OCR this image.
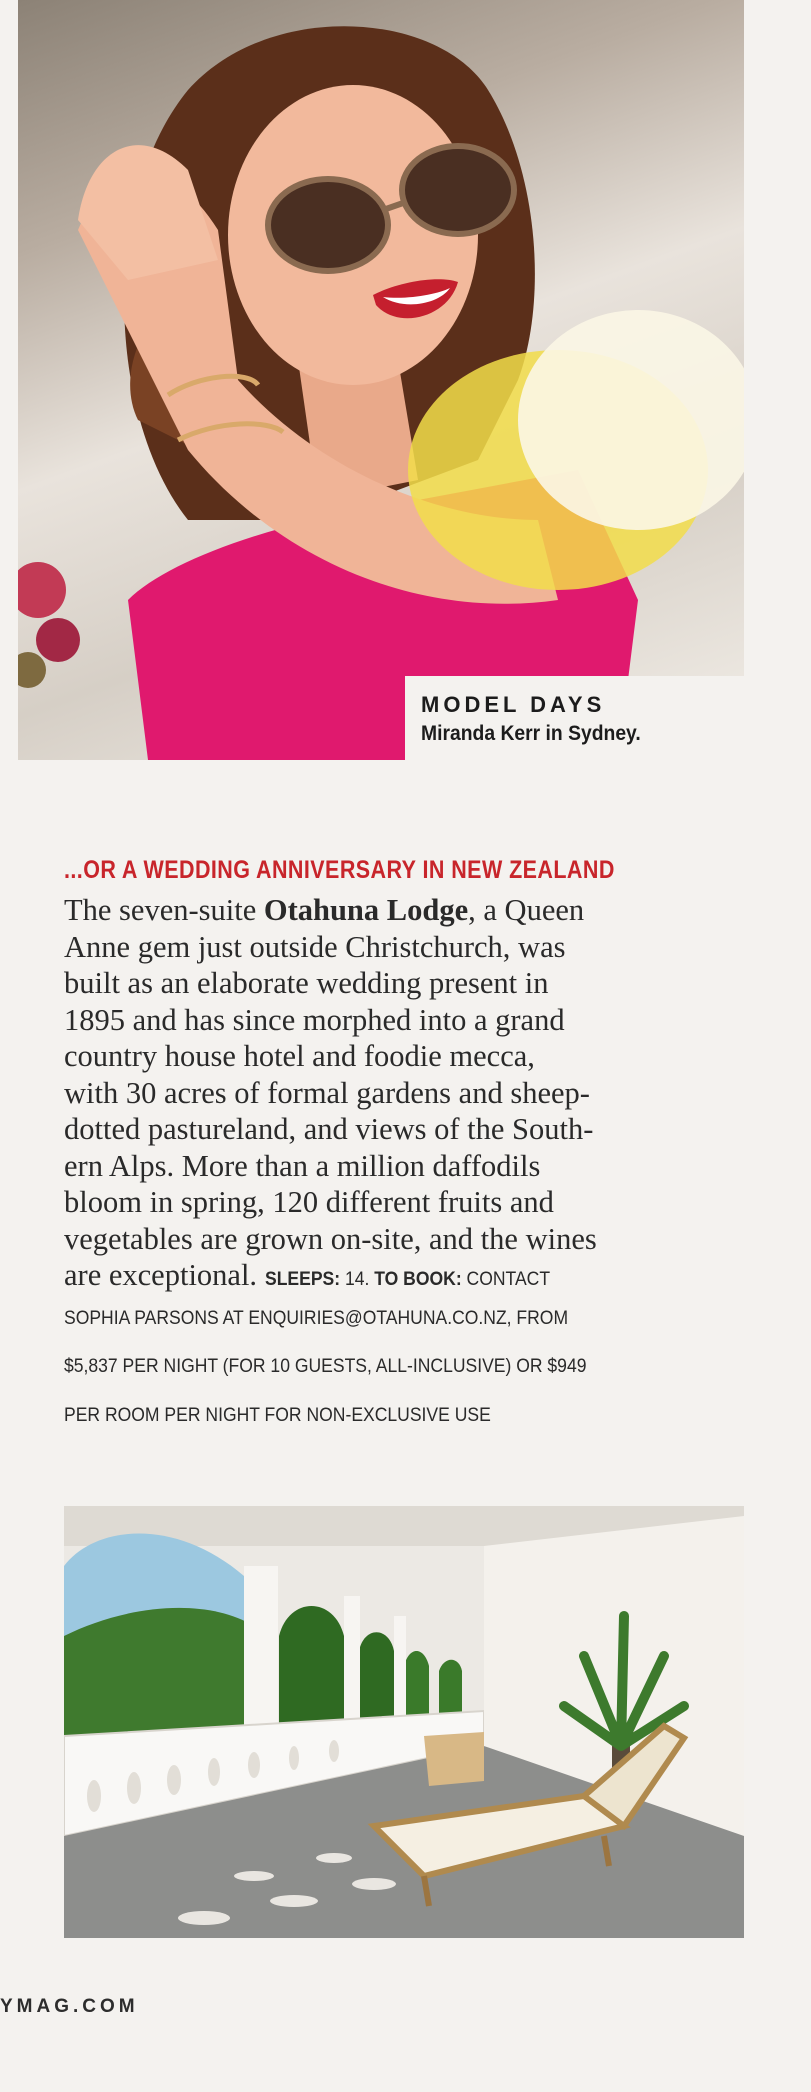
MODEL DAYS
Miranda Kerr in Sydney.
...OR A WEDDING ANNIVERSARY IN NEW ZEALAND
The seven-suite Otahuna Lodge, a Queen
Anne gem just outside Christchurch, was
built as an elaborate wedding present in
1895 and has since morphed into a grand
country house hotel and foodie mecca,
with 30 acres of formal gardens and sheep-
dotted pastureland, and views of the South-
ern Alps. More than a million daffodils
bloom in spring, 120 different fruits and
vegetables are grown on-site, and the wines
are exceptional. SLEEPS: 14. TO BOOK: CONTACT
SOPHIA PARSONS AT ENQUIRIES@OTAHUNA.CO.NZ, FROM
$5,837 PER NIGHT (FOR 10 GUESTS, ALL-INCLUSIVE) OR $949
PER ROOM PER NIGHT FOR NON-EXCLUSIVE USE
YMAG.COM
